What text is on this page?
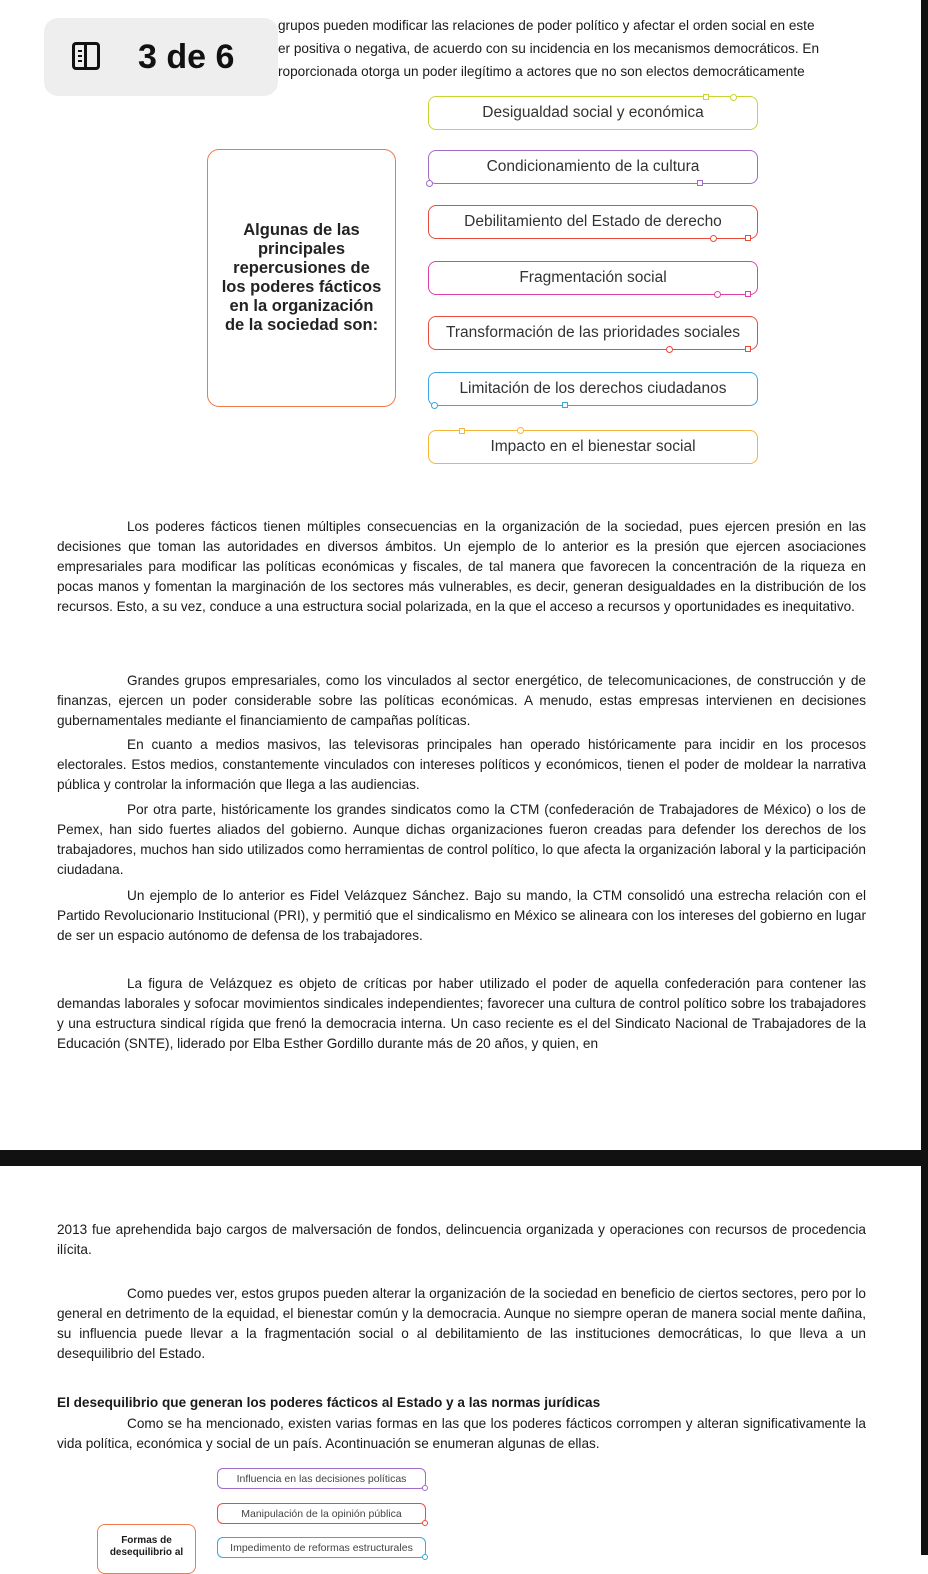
grupos pueden modificar las relaciones de poder político y afectar el orden social en este
er positiva o negativa, de acuerdo con su incidencia en los mecanismos democráticos. En
roporcionada otorga un poder ilegítimo a actores que no son electos democráticamente
3 de 6
Algunas de las principales repercusiones de los poderes fácticos en la organización de la sociedad son:
Desigualdad social y económica
Condicionamiento de la cultura
Debilitamiento del Estado de derecho
Fragmentación social
Transformación de las prioridades sociales
Limitación de los derechos ciudadanos
Impacto en el bienestar social

Los poderes fácticos tienen múltiples consecuencias en la organización de la sociedad, pues ejercen presión en las decisiones que toman las autoridades en diversos ámbitos. Un ejemplo de lo anterior es la presión que ejercen asociaciones empresariales para modificar las políticas económicas y fiscales, de tal manera que favorecen la concentración de la riqueza en pocas manos y fomentan la marginación de los sectores más vulnerables, es decir, generan desigualdades en la distribución de los recursos. Esto, a su vez, conduce a una estructura social polarizada, en la que el acceso a recursos y oportunidades es inequitativo.

Grandes grupos empresariales, como los vinculados al sector energético, de telecomunicaciones, de construcción y de finanzas, ejercen un poder considerable sobre las políticas económicas. A menudo, estas empresas intervienen en decisiones gubernamentales mediante el financiamiento de campañas políticas.

En cuanto a medios masivos, las televisoras principales han operado históricamente para incidir en los procesos electorales. Estos medios, constantemente vinculados con intereses políticos y económicos, tienen el poder de moldear la narrativa pública y controlar la información que llega a las audiencias.

Por otra parte, históricamente los grandes sindicatos como la CTM (confederación de Trabajadores de México) o los de Pemex, han sido fuertes aliados del gobierno. Aunque dichas organizaciones fueron creadas para defender los derechos de los trabajadores, muchos han sido utilizados como herramientas de control político, lo que afecta la organización laboral y la participación ciudadana.

Un ejemplo de lo anterior es Fidel Velázquez Sánchez. Bajo su mando, la CTM consolidó una estrecha relación con el Partido Revolucionario Institucional (PRI), y permitió que el sindicalismo en México se alineara con los intereses del gobierno en lugar de ser un espacio autónomo de defensa de los trabajadores.

La figura de Velázquez es objeto de críticas por haber utilizado el poder de aquella confederación para contener las demandas laborales y sofocar movimientos sindicales independientes; favorecer una cultura de control político sobre los trabajadores y una estructura sindical rígida que frenó la democracia interna. Un caso reciente es el del Sindicato Nacional de Trabajadores de la Educación (SNTE), liderado por Elba Esther Gordillo durante más de 20 años, y quien, en

2013 fue aprehendida bajo cargos de malversación de fondos, delincuencia organizada y operaciones con recursos de procedencia ilícita.

Como puedes ver, estos grupos pueden alterar la organización de la sociedad en beneficio de ciertos sectores, pero por lo general en detrimento de la equidad, el bienestar común y la democracia. Aunque no siempre operan de manera social mente dañina, su influencia puede llevar a la fragmentación social o al debilitamiento de las instituciones democráticas, lo que lleva a un desequilibrio del Estado.

El desequilibrio que generan los poderes fácticos al Estado y a las normas jurídicas

Como se ha mencionado, existen varias formas en las que los poderes fácticos corrompen y alteran significativamente la vida política, económica y social de un país. Acontinuación se enumeran algunas de ellas.

Influencia en las decisiones políticas
Manipulación de la opinión pública
Impedimento de reformas estructurales
Formas de desequilibrio al
